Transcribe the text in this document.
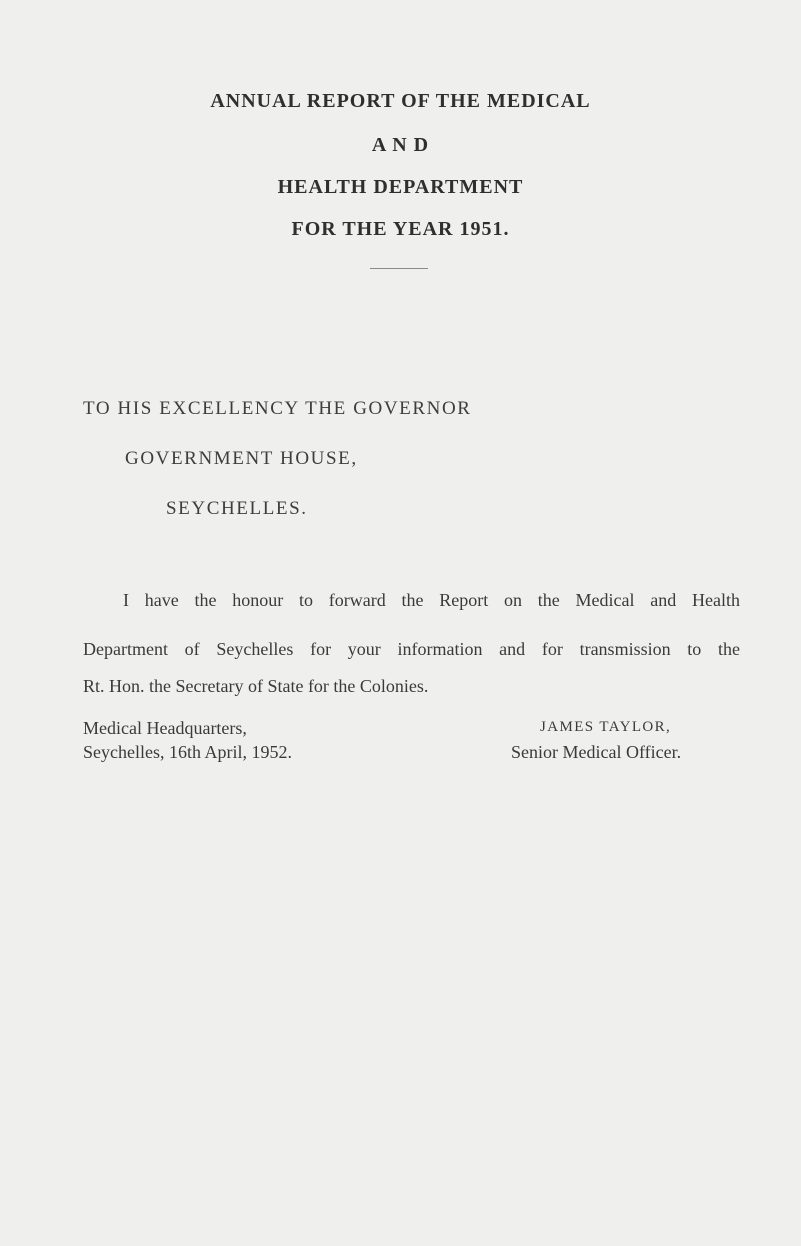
ANNUAL REPORT OF THE MEDICAL
A N D
HEALTH DEPARTMENT
FOR THE YEAR 1951.
TO HIS EXCELLENCY THE GOVERNOR
GOVERNMENT HOUSE,
SEYCHELLES.
I have the honour to forward the Report on the Medical and Health
Department of Seychelles for your information and for transmission to the
Rt. Hon. the Secretary of State for the Colonies.
Medical Headquarters,
Seychelles, 16th April, 1952.
JAMES TAYLOR,
Senior Medical Officer.
